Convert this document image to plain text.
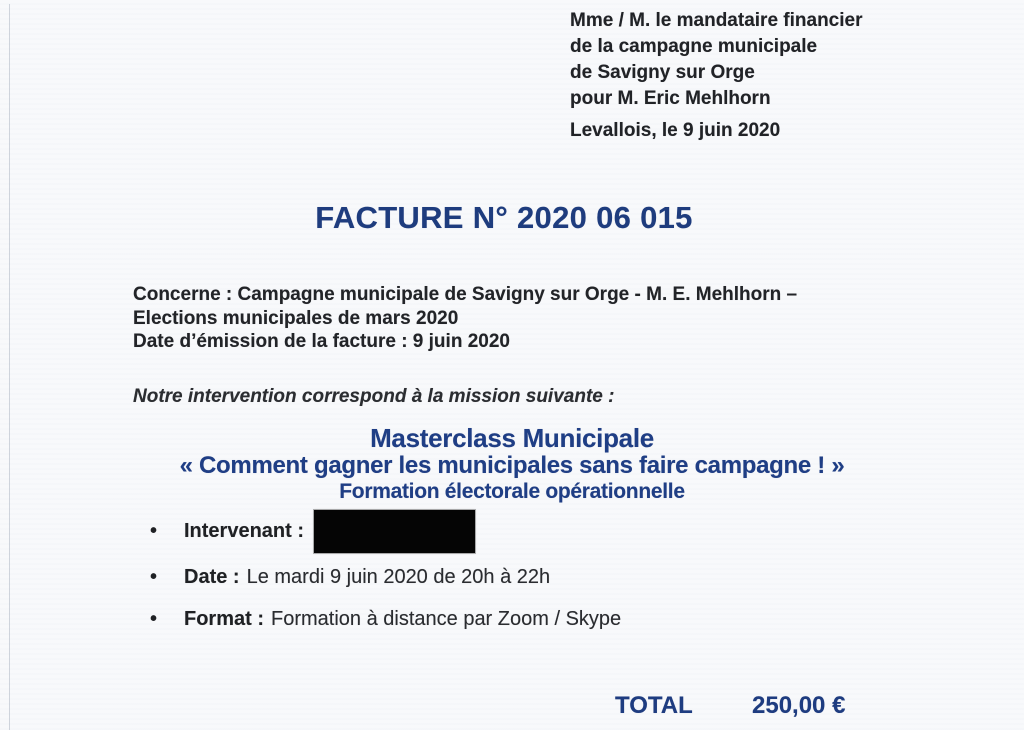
Mme / M. le mandataire financier
de la campagne municipale
de Savigny sur Orge
pour M. Eric Mehlhorn
Levallois, le 9 juin 2020
FACTURE N° 2020 06 015
Concerne : Campagne municipale de Savigny sur Orge - M. E. Mehlhorn –
Elections municipales de mars 2020
Date d’émission de la facture : 9 juin 2020
Notre intervention correspond à la mission suivante :
Masterclass Municipale
« Comment gagner les municipales sans faire campagne ! »
Formation électorale opérationnelle
•	Intervenant :
•	Date : Le mardi 9 juin 2020 de 20h à 22h
•	Format : Formation à distance par Zoom / Skype
TOTAL 250,00 €
